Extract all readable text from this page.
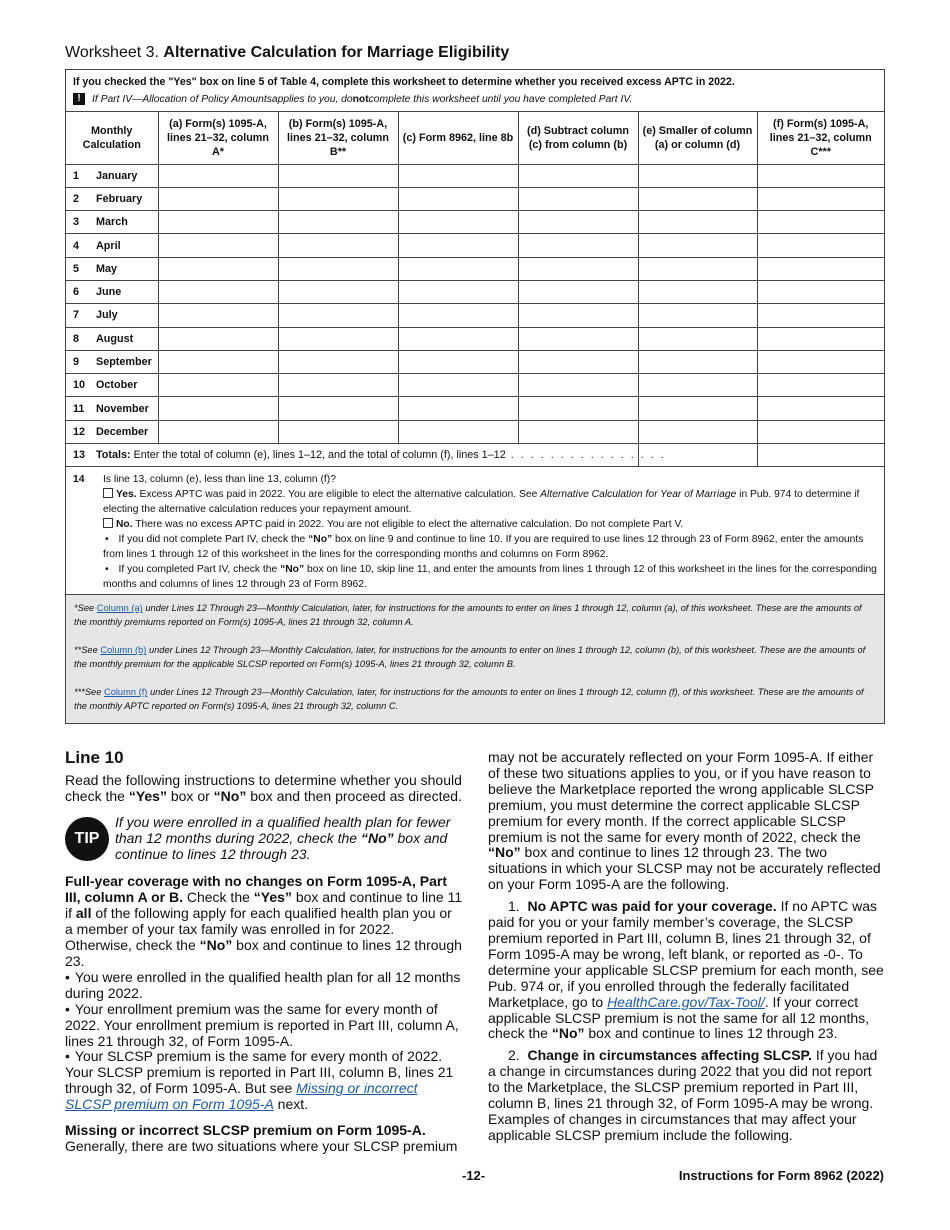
Worksheet 3. Alternative Calculation for Marriage Eligibility
If you checked the "Yes" box on line 5 of Table 4, complete this worksheet to determine whether you received excess APTC in 2022.
!	If Part IV—Allocation of Policy Amounts applies to you, do not complete this worksheet until you have completed Part IV.
Monthly Calculation	(a) Form(s) 1095-A, lines 21–32, column A*	(b) Form(s) 1095-A, lines 21–32, column B**	(c) Form 8962, line 8b	(d) Subtract column (c) from column (b)	(e) Smaller of column (a) or column (d)	(f) Form(s) 1095-A, lines 21–32, column C***
1 January						
2 February						
3 March						
4 April						
5 May						
6 June						
7 July						
8 August						
9 September						
10 October						
11 November						
12 December						
13 Totals: Enter the total of column (e), lines 1–12, and the total of column (f), lines 1–12 . . . . . . . . . . . . . . . .						
14	Is line 13, column (e), less than line 13, column (f)?
Yes. Excess APTC was paid in 2022. You are eligible to elect the alternative calculation. See Alternative Calculation for Year of Marriage in Pub. 974 to determine if electing the alternative calculation reduces your repayment amount.
No. There was no excess APTC paid in 2022. You are not eligible to elect the alternative calculation. Do not complete Part V.
• If you did not complete Part IV, check the “No” box on line 9 and continue to line 10. If you are required to use lines 12 through 23 of Form 8962, enter the amounts from lines 1 through 12 of this worksheet in the lines for the corresponding months and columns on Form 8962.
• If you completed Part IV, check the “No” box on line 10, skip line 11, and enter the amounts from lines 1 through 12 of this worksheet in the lines for the corresponding months and columns of lines 12 through 23 of Form 8962.

*See Column (a) under Lines 12 Through 23—Monthly Calculation, later, for instructions for the amounts to enter on lines 1 through 12, column (a), of this worksheet. These are the amounts of the monthly premiums reported on Form(s) 1095-A, lines 21 through 32, column A.

**See Column (b) under Lines 12 Through 23—Monthly Calculation, later, for instructions for the amounts to enter on lines 1 through 12, column (b), of this worksheet. These are the amounts of the monthly premium for the applicable SLCSP reported on Form(s) 1095-A, lines 21 through 32, column B.

***See Column (f) under Lines 12 Through 23—Monthly Calculation, later, for instructions for the amounts to enter on lines 1 through 12, column (f), of this worksheet. These are the amounts of the monthly APTC reported on Form(s) 1095-A, lines 21 through 32, column C.

Line 10
Read the following instructions to determine whether you should check the “Yes” box or “No” box and then proceed as directed.
TIP
If you were enrolled in a qualified health plan for fewer than 12 months during 2022, check the “No” box and continue to lines 12 through 23.
Full-year coverage with no changes on Form 1095-A, Part III, column A or B. Check the “Yes” box and continue to line 11 if all of the following apply for each qualified health plan you or a member of your tax family was enrolled in for 2022. Otherwise, check the “No” box and continue to lines 12 through 23.
• You were enrolled in the qualified health plan for all 12 months during 2022.
• Your enrollment premium was the same for every month of 2022. Your enrollment premium is reported in Part III, column A, lines 21 through 32, of Form 1095-A.
• Your SLCSP premium is the same for every month of 2022. Your SLCSP premium is reported in Part III, column B, lines 21 through 32, of Form 1095-A. But see Missing or incorrect SLCSP premium on Form 1095-A next.
Missing or incorrect SLCSP premium on Form 1095-A.
Generally, there are two situations where your SLCSP premium
may not be accurately reflected on your Form 1095-A. If either of these two situations applies to you, or if you have reason to believe the Marketplace reported the wrong applicable SLCSP premium, you must determine the correct applicable SLCSP premium for every month. If the correct applicable SLCSP premium is not the same for every month of 2022, check the “No” box and continue to lines 12 through 23. The two situations in which your SLCSP may not be accurately reflected on your Form 1095-A are the following.
1. No APTC was paid for your coverage. If no APTC was paid for you or your family member’s coverage, the SLCSP premium reported in Part III, column B, lines 21 through 32, of Form 1095-A may be wrong, left blank, or reported as -0-. To determine your applicable SLCSP premium for each month, see Pub. 974 or, if you enrolled through the federally facilitated Marketplace, go to HealthCare.gov/Tax-Tool/. If your correct applicable SLCSP premium is not the same for all 12 months, check the “No” box and continue to lines 12 through 23.
2. Change in circumstances affecting SLCSP. If you had a change in circumstances during 2022 that you did not report to the Marketplace, the SLCSP premium reported in Part III, column B, lines 21 through 32, of Form 1095-A may be wrong. Examples of changes in circumstances that may affect your applicable SLCSP premium include the following.
-12-	Instructions for Form 8962 (2022)
